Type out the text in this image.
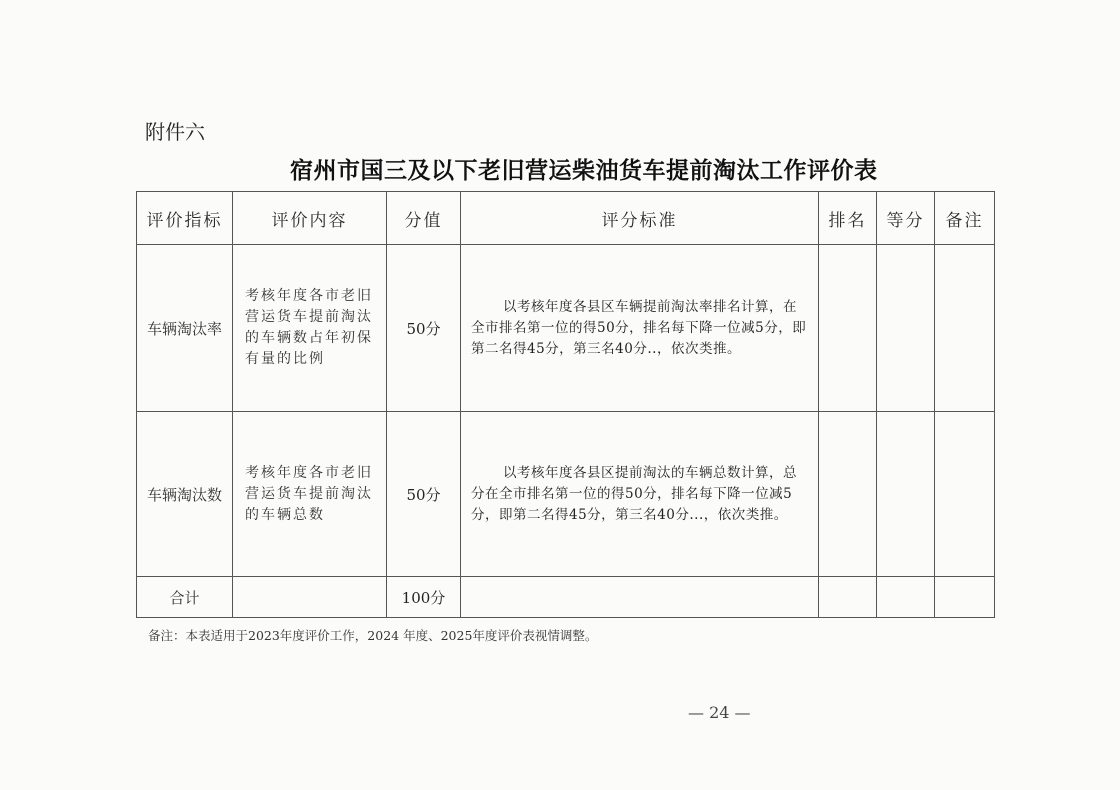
附件六
宿州市国三及以下老旧营运柴油货车提前淘汰工作评价表
评价指标	评价内容	分值	评分标准	排名	等分	备注
车辆淘汰率	考核年度各市老旧营运货车提前淘汰的车辆数占年初保有量的比例	50分	以考核年度各县区车辆提前淘汰率排名计算，在全市排名第一位的得50分，排名每下降一位减5分，即第二名得45分，第三名40分..，依次类推。			
车辆淘汰数	考核年度各市老旧营运货车提前淘汰的车辆总数	50分	以考核年度各县区提前淘汰的车辆总数计算，总分在全市排名第一位的得50分，排名每下降一位减5分，即第二名得45分，第三名40分...，依次类推。			
合计		100分				
备注：本表适用于2023年度评价工作，2024 年度、2025年度评价表视情调整。
— 24 —
